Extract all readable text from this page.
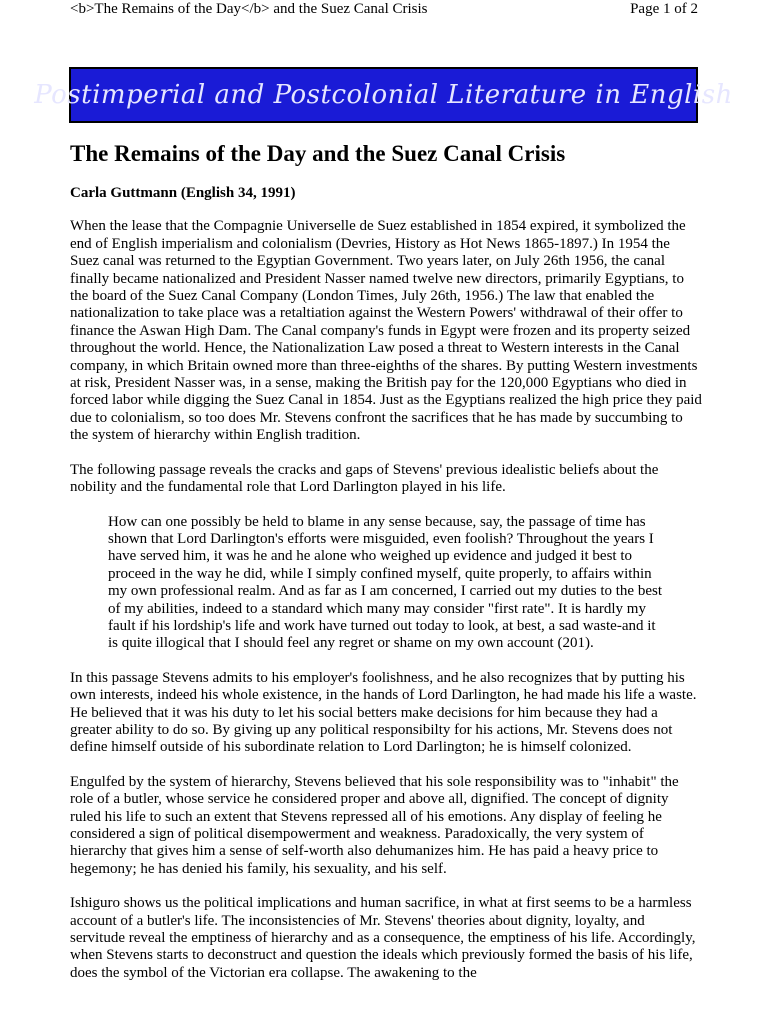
<b>The Remains of the Day</b> and the Suez Canal Crisis	Page 1 of 2
Postimperial and Postcolonial Literature in English
The Remains of the Day and the Suez Canal Crisis
Carla Guttmann (English 34, 1991)

When the lease that the Compagnie Universelle de Suez established in 1854 expired, it symbolized the end of English imperialism and colonialism (Devries, History as Hot News 1865-1897.) In 1954 the Suez canal was returned to the Egyptian Government. Two years later, on July 26th 1956, the canal finally became nationalized and President Nasser named twelve new directors, primarily Egyptians, to the board of the Suez Canal Company (London Times, July 26th, 1956.) The law that enabled the nationalization to take place was a retaltiation against the Western Powers' withdrawal of their offer to finance the Aswan High Dam. The Canal company's funds in Egypt were frozen and its property seized throughout the world. Hence, the Nationalization Law posed a threat to Western interests in the Canal company, in which Britain owned more than three-eighths of the shares. By putting Western investments at risk, President Nasser was, in a sense, making the British pay for the 120,000 Egyptians who died in forced labor while digging the Suez Canal in 1854. Just as the Egyptians realized the high price they paid due to colonialism, so too does Mr. Stevens confront the sacrifices that he has made by succumbing to the system of hierarchy within English tradition.

The following passage reveals the cracks and gaps of Stevens' previous idealistic beliefs about the nobility and the fundamental role that Lord Darlington played in his life.

How can one possibly be held to blame in any sense because, say, the passage of time has shown that Lord Darlington's efforts were misguided, even foolish? Throughout the years I have served him, it was he and he alone who weighed up evidence and judged it best to proceed in the way he did, while I simply confined myself, quite properly, to affairs within my own professional realm. And as far as I am concerned, I carried out my duties to the best of my abilities, indeed to a standard which many may consider "first rate". It is hardly my fault if his lordship's life and work have turned out today to look, at best, a sad waste-and it is quite illogical that I should feel any regret or shame on my own account (201).

In this passage Stevens admits to his employer's foolishness, and he also recognizes that by putting his own interests, indeed his whole existence, in the hands of Lord Darlington, he had made his life a waste. He believed that it was his duty to let his social betters make decisions for him because they had a greater ability to do so. By giving up any political responsibilty for his actions, Mr. Stevens does not define himself outside of his subordinate relation to Lord Darlington; he is himself colonized.

Engulfed by the system of hierarchy, Stevens believed that his sole responsibility was to "inhabit" the role of a butler, whose service he considered proper and above all, dignified. The concept of dignity ruled his life to such an extent that Stevens repressed all of his emotions. Any display of feeling he considered a sign of political disempowerment and weakness. Paradoxically, the very system of hierarchy that gives him a sense of self-worth also dehumanizes him. He has paid a heavy price to hegemony; he has denied his family, his sexuality, and his self.

Ishiguro shows us the political implications and human sacrifice, in what at first seems to be a harmless account of a butler's life. The inconsistencies of Mr. Stevens' theories about dignity, loyalty, and servitude reveal the emptiness of hierarchy and as a consequence, the emptiness of his life. Accordingly, when Stevens starts to deconstruct and question the ideals which previously formed the basis of his life, does the symbol of the Victorian era collapse. The awakening to the
